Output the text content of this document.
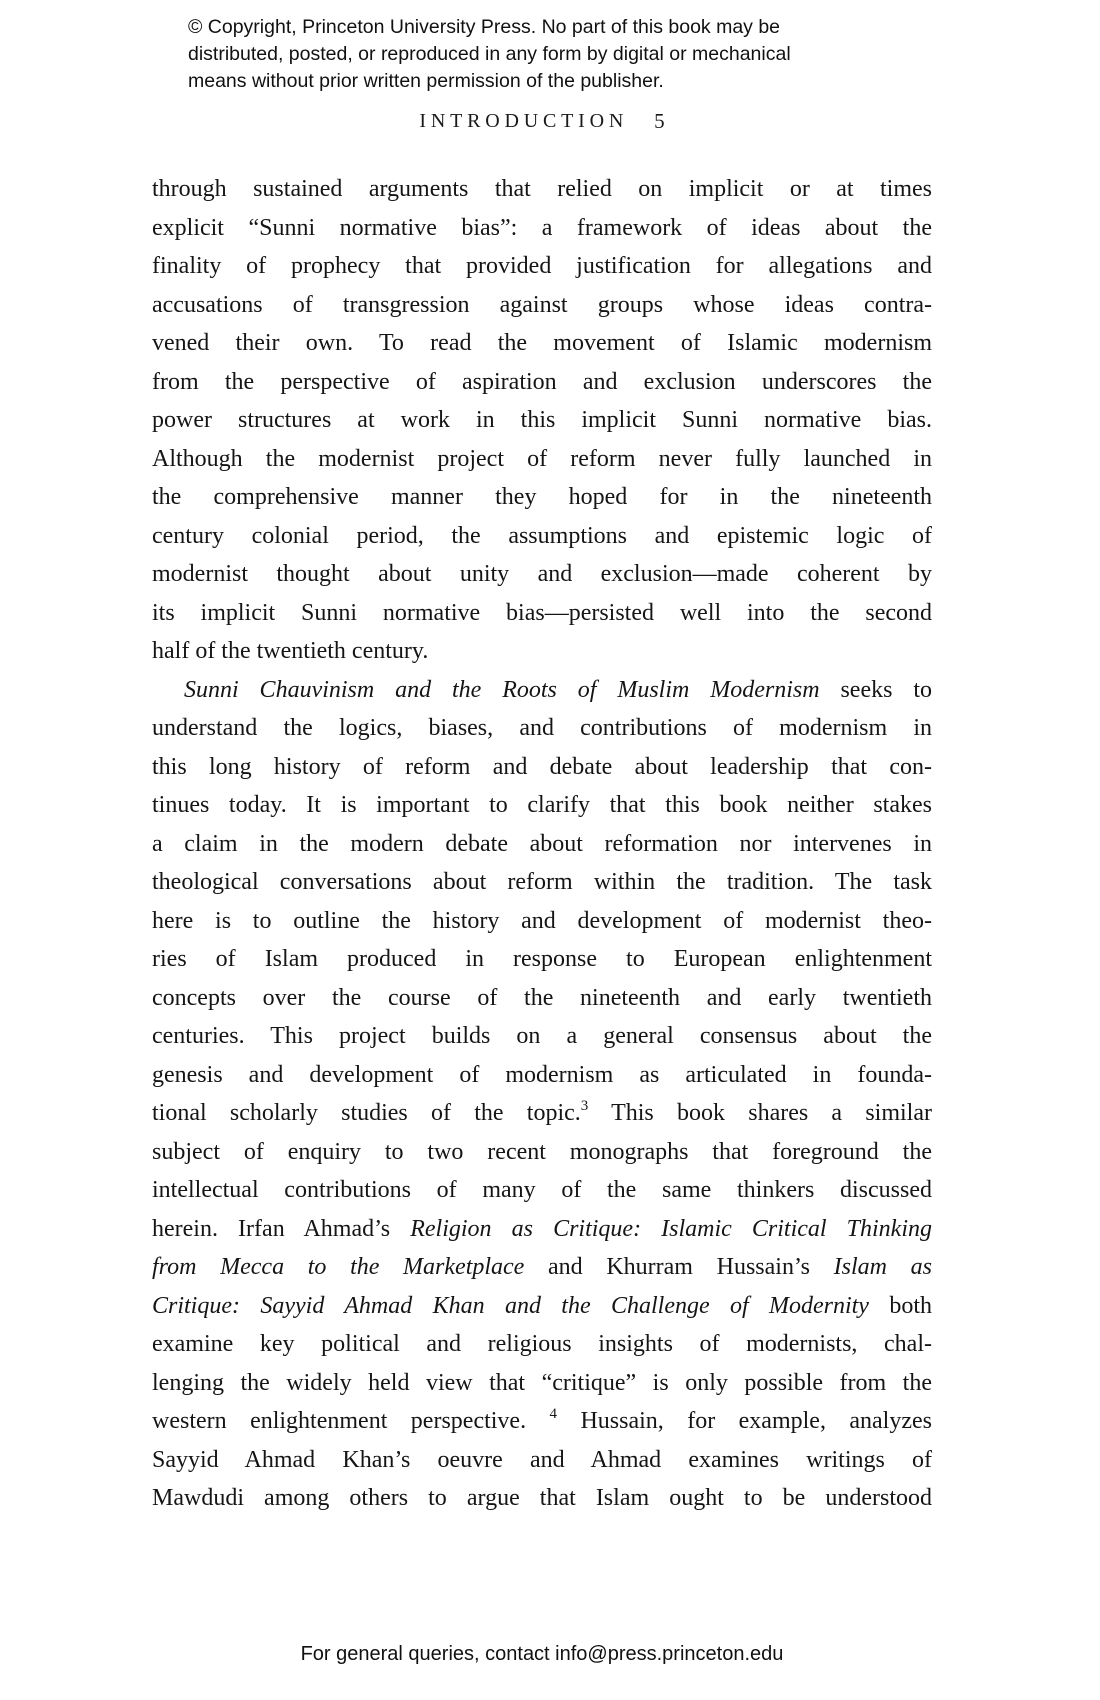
© Copyright, Princeton University Press. No part of this book may be
distributed, posted, or reproduced in any form by digital or mechanical
means without prior written permission of the publisher.
INTRODUCTION 5
through sustained arguments that relied on implicit or at times
explicit “Sunni normative bias”: a framework of ideas about the
finality of prophecy that provided justification for allegations and
accusations of transgression against groups whose ideas contra-
vened their own. To read the movement of Islamic modernism
from the perspective of aspiration and exclusion underscores the
power structures at work in this implicit Sunni normative bias.
Although the modernist project of reform never fully launched in
the comprehensive manner they hoped for in the nineteenth
century colonial period, the assumptions and epistemic logic of
modernist thought about unity and exclusion—made coherent by
its implicit Sunni normative bias—persisted well into the second
half of the twentieth century.
Sunni Chauvinism and the Roots of Muslim Modernism seeks to
understand the logics, biases, and contributions of modernism in
this long history of reform and debate about leadership that con-
tinues today. It is important to clarify that this book neither stakes
a claim in the modern debate about reformation nor intervenes in
theological conversations about reform within the tradition. The task
here is to outline the history and development of modernist theo-
ries of Islam produced in response to European enlightenment
concepts over the course of the nineteenth and early twentieth
centuries. This project builds on a general consensus about the
genesis and development of modernism as articulated in founda-
tional scholarly studies of the topic.$^3$ This book shares a similar
subject of enquiry to two recent monographs that foreground the
intellectual contributions of many of the same thinkers discussed
herein. Irfan Ahmad’s Religion as Critique: Islamic Critical Thinking
from Mecca to the Marketplace and Khurram Hussain’s Islam as
Critique: Sayyid Ahmad Khan and the Challenge of Modernity both
examine key political and religious insights of modernists, chal-
lenging the widely held view that “critique” is only possible from the
western enlightenment perspective. $^4$ Hussain, for example, analyzes
Sayyid Ahmad Khan’s oeuvre and Ahmad examines writings of
Mawdudi among others to argue that Islam ought to be understood
For general queries, contact info@press.princeton.edu
